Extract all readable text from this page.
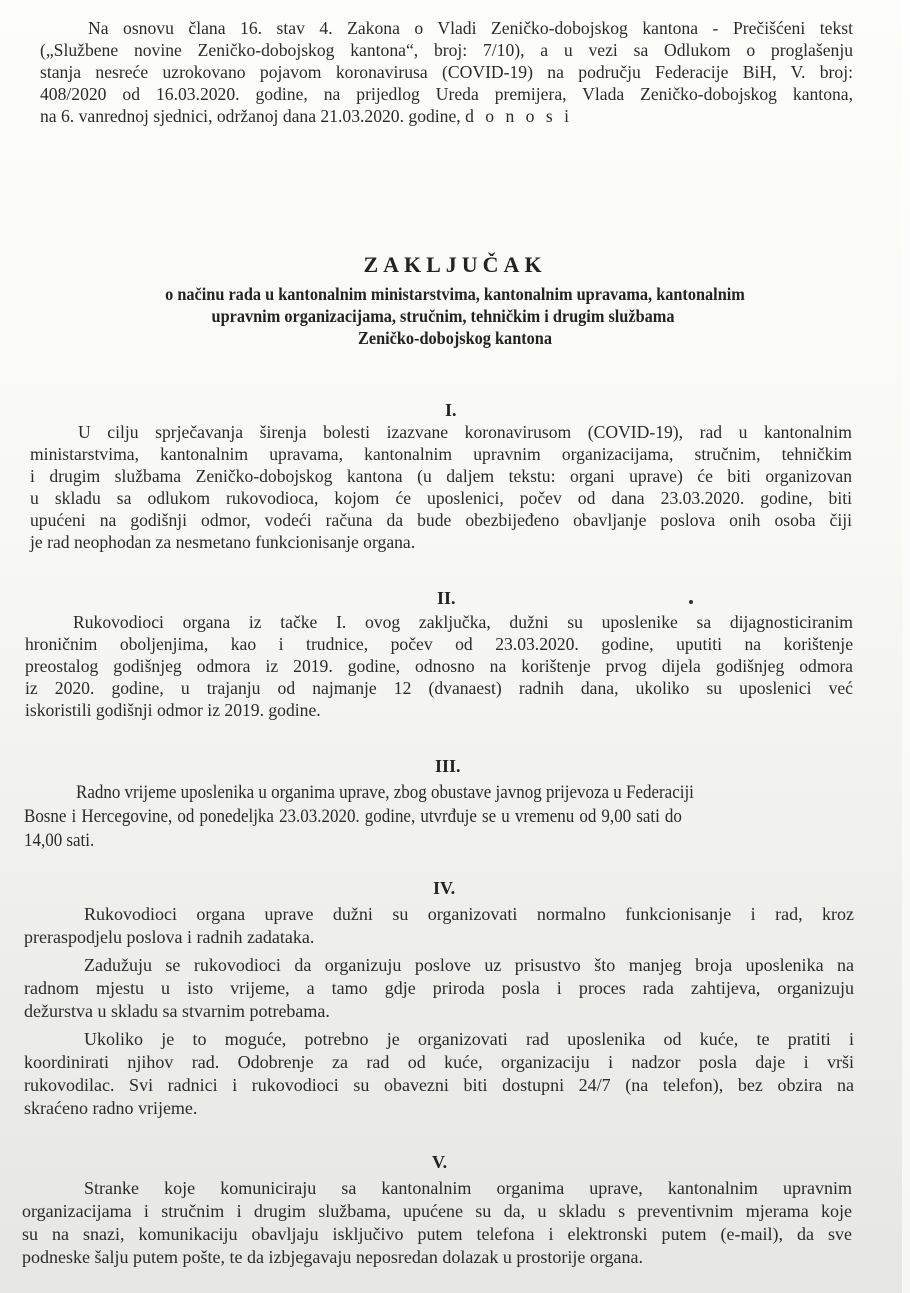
Na osnovu člana 16. stav 4. Zakona o Vladi Zeničko-dobojskog kantona - Prečišćeni tekst
(„Službene novine Zeničko-dobojskog kantona“, broj: 7/10), a u vezi sa Odlukom o proglašenju
stanja nesreće uzrokovano pojavom koronavirusa (COVID-19) na području Federacije BiH, V. broj:
408/2020 od 16.03.2020. godine, na prijedlog Ureda premijera, Vlada Zeničko-dobojskog kantona,
na 6. vanrednoj sjednici, održanoj dana 21.03.2020. godine, d o n o s i
ZAKLJUČAK
o načinu rada u kantonalnim ministarstvima, kantonalnim upravama, kantonalnim
upravnim organizacijama, stručnim, tehničkim i drugim službama
Zeničko-dobojskog kantona
I.
U cilju sprječavanja širenja bolesti izazvane koronavirusom (COVID-19), rad u kantonalnim
ministarstvima, kantonalnim upravama, kantonalnim upravnim organizacijama, stručnim, tehničkim
i drugim službama Zeničko-dobojskog kantona (u daljem tekstu: organi uprave) će biti organizovan
u skladu sa odlukom rukovodioca, kojom će uposlenici, počev od dana 23.03.2020. godine, biti
upućeni na godišnji odmor, vodeći računa da bude obezbijeđeno obavljanje poslova onih osoba čiji
je rad neophodan za nesmetano funkcionisanje organa.
II.
Rukovodioci organa iz tačke I. ovog zaključka, dužni su uposlenike sa dijagnosticiranim
hroničnim oboljenjima, kao i trudnice, počev od 23.03.2020. godine, uputiti na korištenje
preostalog godišnjeg odmora iz 2019. godine, odnosno na korištenje prvog dijela godišnjeg odmora
iz 2020. godine, u trajanju od najmanje 12 (dvanaest) radnih dana, ukoliko su uposlenici već
iskoristili godišnji odmor iz 2019. godine.
III.
Radno vrijeme uposlenika u organima uprave, zbog obustave javnog prijevoza u Federaciji
Bosne i Hercegovine, od ponedeljka 23.03.2020. godine, utvrđuje se u vremenu od 9,00 sati do
14,00 sati.
IV.
Rukovodioci organa uprave dužni su organizovati normalno funkcionisanje i rad, kroz
preraspodjelu poslova i radnih zadataka.
Zadužuju se rukovodioci da organizuju poslove uz prisustvo što manjeg broja uposlenika na
radnom mjestu u isto vrijeme, a tamo gdje priroda posla i proces rada zahtijeva, organizuju
dežurstva u skladu sa stvarnim potrebama.
Ukoliko je to moguće, potrebno je organizovati rad uposlenika od kuće, te pratiti i
koordinirati njihov rad. Odobrenje za rad od kuće, organizaciju i nadzor posla daje i vrši
rukovodilac. Svi radnici i rukovodioci su obavezni biti dostupni 24/7 (na telefon), bez obzira na
skraćeno radno vrijeme.
V.
Stranke koje komuniciraju sa kantonalnim organima uprave, kantonalnim upravnim
organizacijama i stručnim i drugim službama, upućene su da, u skladu s preventivnim mjerama koje
su na snazi, komunikaciju obavljaju isključivo putem telefona i elektronski putem (e-mail), da sve
podneske šalju putem pošte, te da izbjegavaju neposredan dolazak u prostorije organa.
